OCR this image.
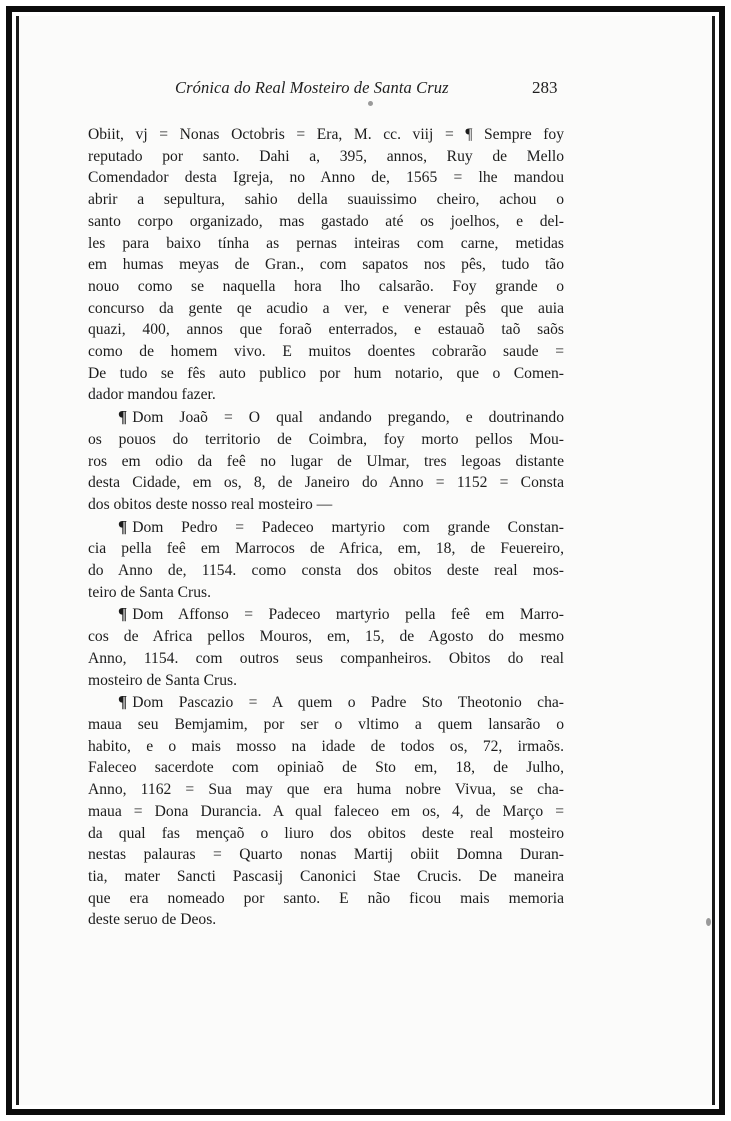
Crónica do Real Mosteiro de Santa Cruz	283

Obiit, vj = Nonas Octobris = Era, M. cc. viij = ¶ Sempre foy
reputado por santo. Dahi a, 395, annos, Ruy de Mello
Comendador desta Igreja, no Anno de, 1565 = lhe mandou
abrir a sepultura, sahio della suauissimo cheiro, achou o
santo corpo organizado, mas gastado até os joelhos, e del-
les para baixo tínha as pernas inteiras com carne, metidas
em humas meyas de Gran., com sapatos nos pês, tudo tão
nouo como se naquella hora lho calsarão. Foy grande o
concurso da gente qe acudio a ver, e venerar pês que auia
quazi, 400, annos que foraõ enterrados, e estauaõ taõ saõs
como de homem vivo. E muitos doentes cobrarão saude =
De tudo se fês auto publico por hum notario, que o Comen-
dador mandou fazer.

¶ Dom Joaõ = O qual andando pregando, e doutrinando
os pouos do territorio de Coimbra, foy morto pellos Mou-
ros em odio da feê no lugar de Ulmar, tres legoas distante
desta Cidade, em os, 8, de Janeiro do Anno = 1152 = Consta
dos obitos deste nosso real mosteiro —

¶ Dom Pedro = Padeceo martyrio com grande Constan-
cia pella feê em Marrocos de Africa, em, 18, de Feuereiro,
do Anno de, 1154. como consta dos obitos deste real mos-
teiro de Santa Crus.

¶ Dom Affonso = Padeceo martyrio pella feê em Marro-
cos de Africa pellos Mouros, em, 15, de Agosto do mesmo
Anno, 1154. com outros seus companheiros. Obitos do real
mosteiro de Santa Crus.

¶ Dom Pascazio = A quem o Padre Sto Theotonio cha-
maua seu Bemjamim, por ser o vltimo a quem lansarão o
habito, e o mais mosso na idade de todos os, 72, irmaõs.
Faleceo sacerdote com opiniaõ de Sto em, 18, de Julho,
Anno, 1162 = Sua may que era huma nobre Vivua, se cha-
maua = Dona Durancia. A qual faleceo em os, 4, de Março =
da qual fas mençaõ o liuro dos obitos deste real mosteiro
nestas palauras = Quarto nonas Martij obiit Domna Duran-
tia, mater Sancti Pascasij Canonici Stae Crucis. De maneira
que era nomeado por santo. E não ficou mais memoria
deste seruo de Deos.
